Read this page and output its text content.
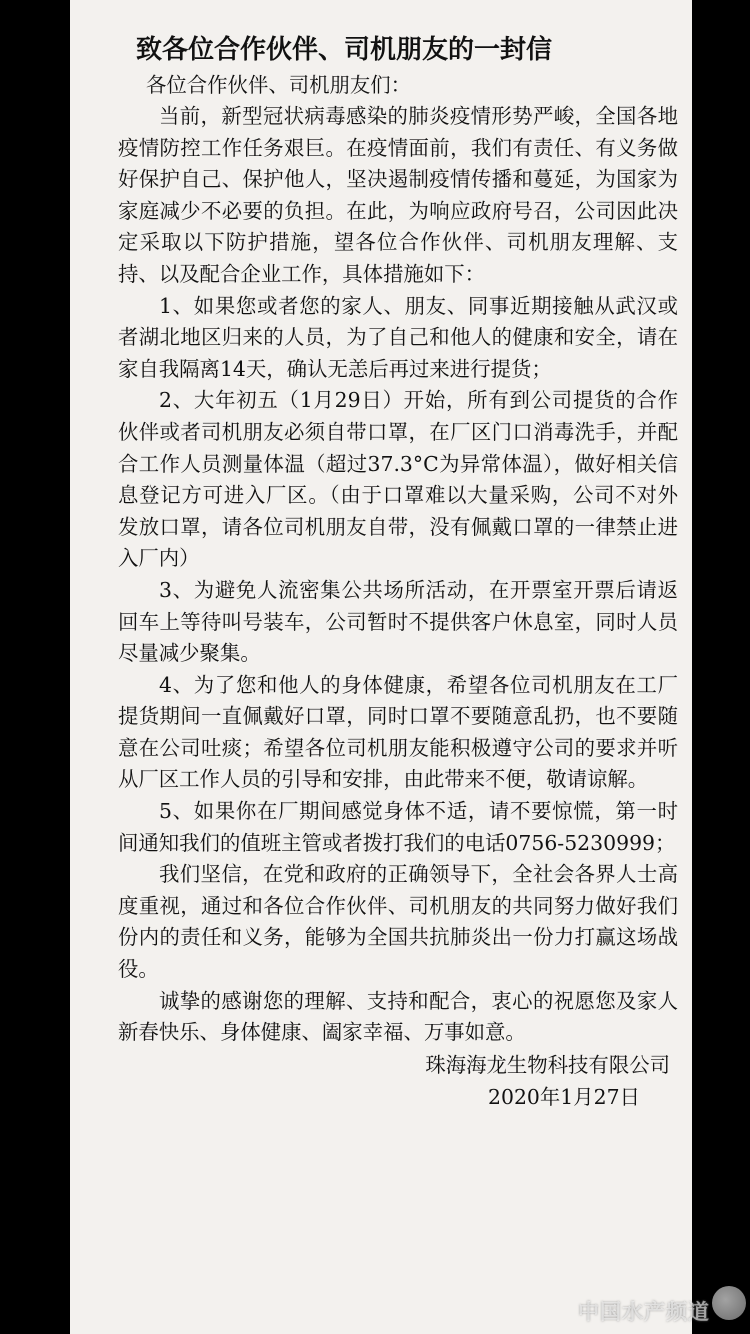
致各位合作伙伴、司机朋友的一封信

各位合作伙伴、司机朋友们：

当前，新型冠状病毒感染的肺炎疫情形势严峻，全国各地疫情防控工作任务艰巨。在疫情面前，我们有责任、有义务做好保护自己、保护他人，坚决遏制疫情传播和蔓延，为国家为家庭减少不必要的负担。在此，为响应政府号召，公司因此决定采取以下防护措施，望各位合作伙伴、司机朋友理解、支持、以及配合企业工作，具体措施如下：

1、如果您或者您的家人、朋友、同事近期接触从武汉或者湖北地区归来的人员，为了自己和他人的健康和安全，请在家自我隔离14天，确认无恙后再过来进行提货；

2、大年初五（1月29日）开始，所有到公司提货的合作伙伴或者司机朋友必须自带口罩，在厂区门口消毒洗手，并配合工作人员测量体温（超过37.3°C为异常体温），做好相关信息登记方可进入厂区。（由于口罩难以大量采购，公司不对外发放口罩，请各位司机朋友自带，没有佩戴口罩的一律禁止进入厂内）

3、为避免人流密集公共场所活动，在开票室开票后请返回车上等待叫号装车，公司暂时不提供客户休息室，同时人员尽量减少聚集。

4、为了您和他人的身体健康，希望各位司机朋友在工厂提货期间一直佩戴好口罩，同时口罩不要随意乱扔，也不要随意在公司吐痰；希望各位司机朋友能积极遵守公司的要求并听从厂区工作人员的引导和安排，由此带来不便，敬请谅解。

5、如果你在厂期间感觉身体不适，请不要惊慌，第一时间通知我们的值班主管或者拨打我们的电话0756-5230999；

我们坚信，在党和政府的正确领导下，全社会各界人士高度重视，通过和各位合作伙伴、司机朋友的共同努力做好我们份内的责任和义务，能够为全国共抗肺炎出一份力打赢这场战役。

诚挚的感谢您的理解、支持和配合，衷心的祝愿您及家人新春快乐、身体健康、阖家幸福、万事如意。

珠海海龙生物科技有限公司

2020年1月27日

中国水产频道
